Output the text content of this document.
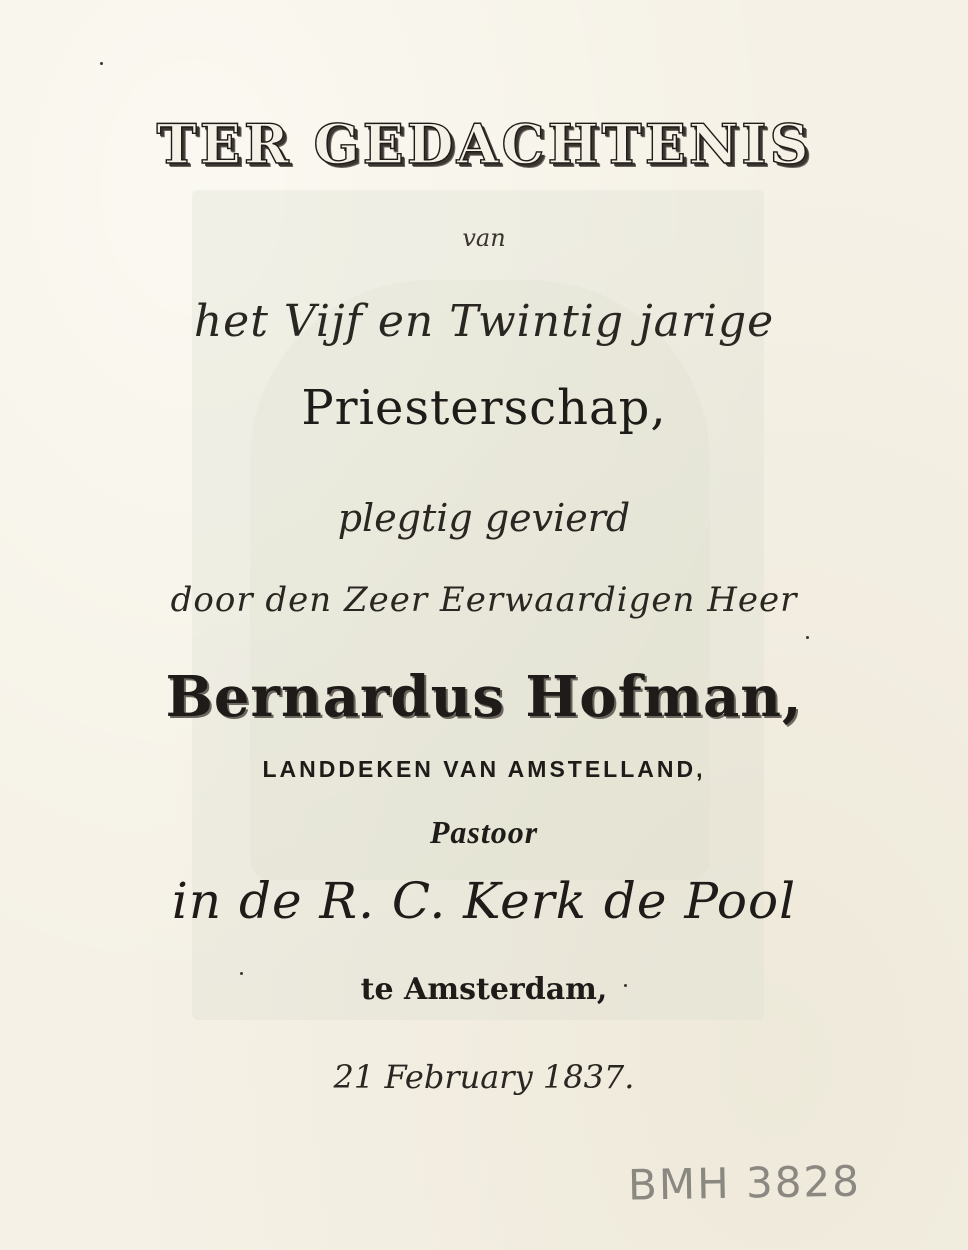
TER GEDACHTENIS
van
het Vijf en Twintig jarige
Priesterschap,
plegtig gevierd
door den Zeer Eerwaardigen Heer
Bernardus Hofman,
LANDDEKEN VAN AMSTELLAND,
Pastoor
in de R. C. Kerk de Pool
te Amsterdam,
21 February 1837.
BMH 3828
